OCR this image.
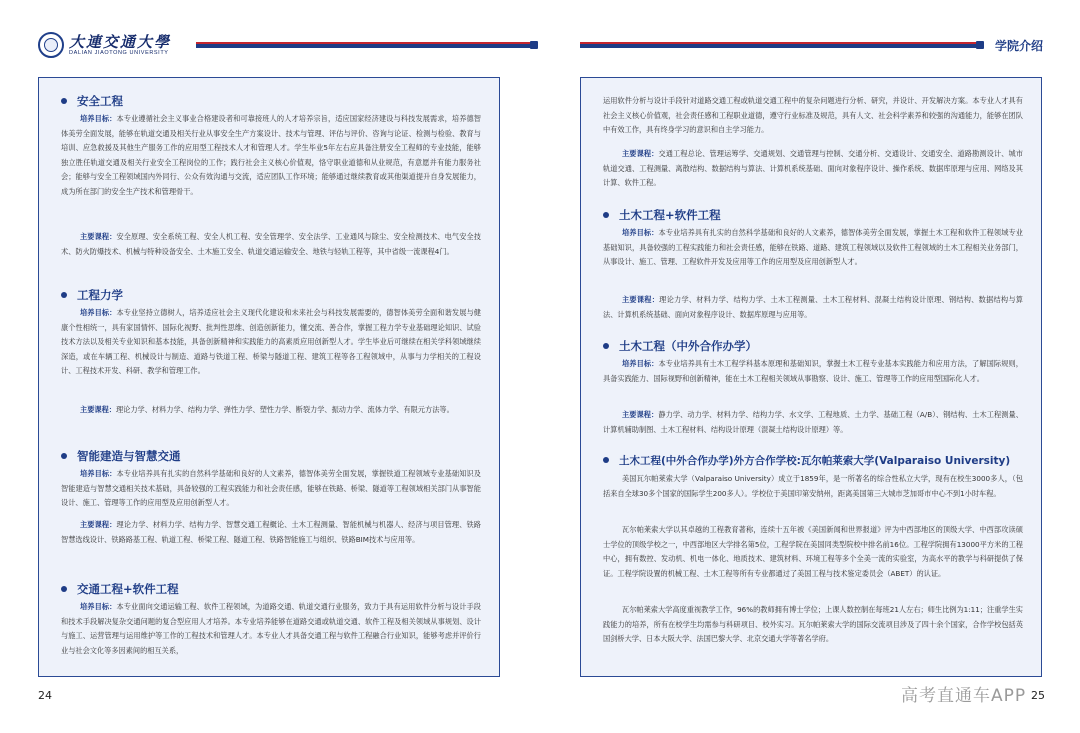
大連交通大學
DALIAN JIAOTONG UNIVERSITY
安全工程
培养目标：本专业遵循社会主义事业合格建设者和可靠接班人的人才培养宗旨，适应国家经济建设与科技发展需求，培养德智体美劳全面发展，能够在轨道交通及相关行业从事安全生产方案设计、技术与管理、评估与评价、咨询与论证、检测与检验、教育与培训、应急救援及其他生产服务工作的应用型工程技术人才和管理人才。学生毕业5年左右应具备注册安全工程师的专业技能，能够独立胜任轨道交通及相关行业安全工程岗位的工作；践行社会主义核心价值观，恪守职业道德和从业规范，有意愿并有能力服务社会；能够与安全工程领域国内外同行、公众有效沟通与交流，适应团队工作环境；能够通过继续教育或其他渠道提升自身发展能力，成为所在部门的安全生产技术和管理骨干。
主要课程：安全原理、安全系统工程、安全人机工程、安全管理学、安全法学、工业通风与除尘、安全检测技术、电气安全技术、防火防爆技术、机械与特种设备安全、土木施工安全、轨道交通运输安全、地铁与轻轨工程等，其中省级一流课程4门。
工程力学
培养目标：本专业坚持立德树人，培养适应社会主义现代化建设和未来社会与科技发展需要的，德智体美劳全面和谐发展与健康个性相统一，具有家国情怀、国际化视野、批判性思维、创造创新能力，懂交流、善合作，掌握工程力学专业基础理论知识、试验技术方法以及相关专业知识和基本技能，具备创新精神和实践能力的高素质应用创新型人才。学生毕业后可继续在相关学科领域继续深造，或在车辆工程、机械设计与制造、道路与铁道工程、桥梁与隧道工程、建筑工程等各工程领域中，从事与力学相关的工程设计、工程技术开发、科研、教学和管理工作。
主要课程：理论力学、材料力学、结构力学、弹性力学、塑性力学、断裂力学、振动力学、流体力学、有限元方法等。
智能建造与智慧交通
培养目标：本专业培养具有扎实的自然科学基础和良好的人文素养，德智体美劳全面发展，掌握铁道工程领域专业基础知识及智能建造与智慧交通相关技术基础，具备较强的工程实践能力和社会责任感，能够在铁路、桥梁、隧道等工程领域相关部门从事智能设计、施工、管理等工作的应用型及应用创新型人才。
主要课程：理论力学、材料力学、结构力学、智慧交通工程概论、土木工程测量、智能机械与机器人、经济与项目管理、铁路智慧选线设计、铁路路基工程、轨道工程、桥梁工程、隧道工程、铁路智能施工与组织、铁路BIM技术与应用等。
交通工程+软件工程
培养目标：本专业面向交通运输工程、软件工程领域，为道路交通、轨道交通行业服务，致力于具有运用软件分析与设计手段和技术手段解决复杂交通问题的复合型应用人才培养。本专业培养能够在道路交通或轨道交通、软件工程及相关领域从事规划、设计与施工、运营管理与运用维护等工作的工程技术和管理人才。本专业人才具备交通工程与软件工程融合行业知识，能够考虑并评价行业与社会文化等多因素间的相互关系，
24
学院介绍
运用软件分析与设计手段针对道路交通工程或轨道交通工程中的复杂问题进行分析、研究，并设计、开发解决方案。本专业人才具有社会主义核心价值观，社会责任感和工程职业道德，遵守行业标准及规范，具有人文、社会科学素养和较强的沟通能力，能够在团队中有效工作，具有终身学习的意识和自主学习能力。
主要课程：交通工程总论、管理运筹学、交通规划、交通管理与控制、交通分析、交通设计、交通安全、道路勘测设计、城市轨道交通、工程测量、离散结构、数据结构与算法、计算机系统基础、面向对象程序设计、操作系统、数据库原理与应用、网络及其计算、软件工程。
土木工程+软件工程
培养目标：本专业培养具有扎实的自然科学基础和良好的人文素养，德智体美劳全面发展，掌握土木工程和软件工程领域专业基础知识，具备较强的工程实践能力和社会责任感，能够在铁路、道路、建筑工程领域以及软件工程领域的土木工程相关业务部门，从事设计、施工、管理、工程软件开发及应用等工作的应用型及应用创新型人才。
主要课程：理论力学、材料力学、结构力学、土木工程测量、土木工程材料、混凝土结构设计原理、钢结构、数据结构与算法、计算机系统基础、面向对象程序设计、数据库原理与应用等。
土木工程（中外合作办学）
培养目标：本专业培养具有土木工程学科基本原理和基础知识，掌握土木工程专业基本实践能力和应用方法，了解国际规则，具备实践能力、国际视野和创新精神，能在土木工程相关领域从事勘察、设计、施工、管理等工作的应用型国际化人才。
主要课程：静力学、动力学、材料力学、结构力学、水文学、工程地质、土力学、基础工程（A/B）、钢结构、土木工程测量、计算机辅助制图、土木工程材料、结构设计原理（混凝土结构设计原理）等。
土木工程(中外合作办学)外方合作学校:瓦尔帕莱索大学(Valparaiso University)
美国瓦尔帕莱索大学（Valparaiso University）成立于1859年，是一所著名的综合性私立大学，现有在校生3000多人，（包括来自全球30多个国家的国际学生200多人）。学校位于美国印第安纳州，距离美国第三大城市芝加哥市中心不到1小时车程。
瓦尔帕莱索大学以其卓越的工程教育著称，连续十五年被《美国新闻和世界报道》评为中西部地区的顶级大学、中西部攻读硕士学位的顶级学校之一，中西部地区大学排名第5位，工程学院在美国同类型院校中排名前16位。工程学院拥有13000平方米的工程中心，拥有数控、发动机、机电一体化、地质技术、建筑材料、环境工程等多个全美一流的实验室，为高水平的教学与科研提供了保证。工程学院设置的机械工程、土木工程等所有专业都通过了美国工程与技术鉴定委员会（ABET）的认证。
瓦尔帕莱索大学高度重视教学工作，96%的教师拥有博士学位；上课人数控制在每班21人左右；师生比例为1:11；注重学生实践能力的培养，所有在校学生均需参与科研项目、校外实习。瓦尔帕莱索大学的国际交流项目涉及了四十余个国家，合作学校包括英国剑桥大学、日本大阪大学、法国巴黎大学、北京交通大学等著名学府。
25
高考直通车APP
